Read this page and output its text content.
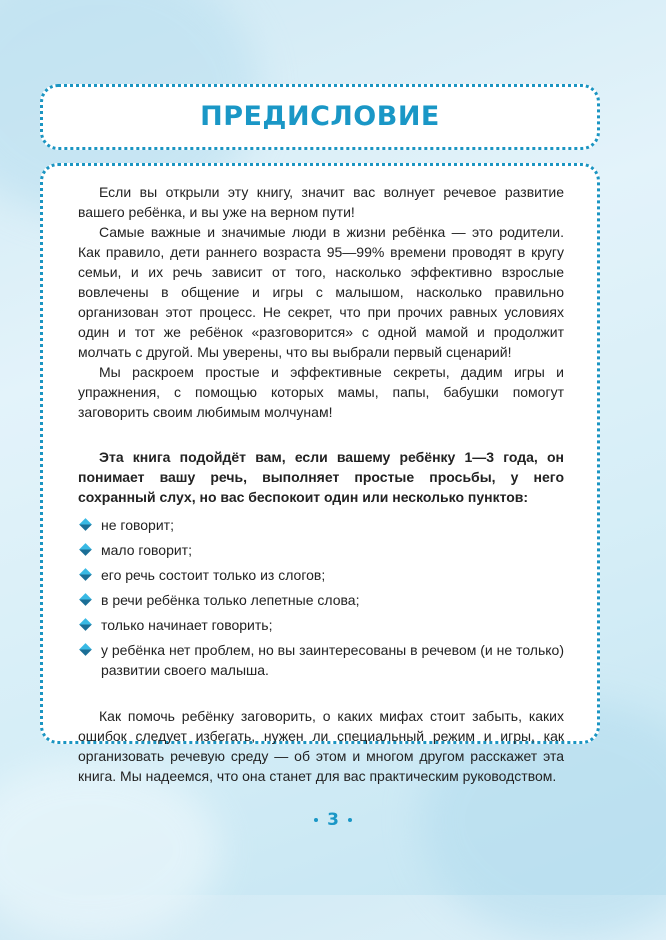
ПРЕДИСЛОВИЕ

Если вы открыли эту книгу, значит вас волнует речевое развитие вашего ребёнка, и вы уже на верном пути!

Самые важные и значимые люди в жизни ребёнка — это родители. Как правило, дети раннего возраста 95—99% времени проводят в кругу семьи, и их речь зависит от того, насколько эффективно взрослые вовлечены в общение и игры с малышом, насколько правильно организован этот процесс. Не секрет, что при прочих равных условиях один и тот же ребёнок «разговорится» с одной мамой и продолжит молчать с другой. Мы уверены, что вы выбрали первый сценарий!

Мы раскроем простые и эффективные секреты, дадим игры и упражнения, с помощью которых мамы, папы, бабушки помогут заговорить своим любимым молчунам!

Эта книга подойдёт вам, если вашему ребёнку 1—3 года, он понимает вашу речь, выполняет простые просьбы, у него сохранный слух, но вас беспокоит один или несколько пунктов:

не говорит;
мало говорит;
его речь состоит только из слогов;
в речи ребёнка только лепетные слова;
только начинает говорить;
у ребёнка нет проблем, но вы заинтересованы в речевом (и не только) развитии своего малыша.

Как помочь ребёнку заговорить, о каких мифах стоит забыть, каких ошибок следует избегать, нужен ли специальный режим и игры, как организовать речевую среду — об этом и многом другом расскажет эта книга. Мы надеемся, что она станет для вас практическим руководством.

3
